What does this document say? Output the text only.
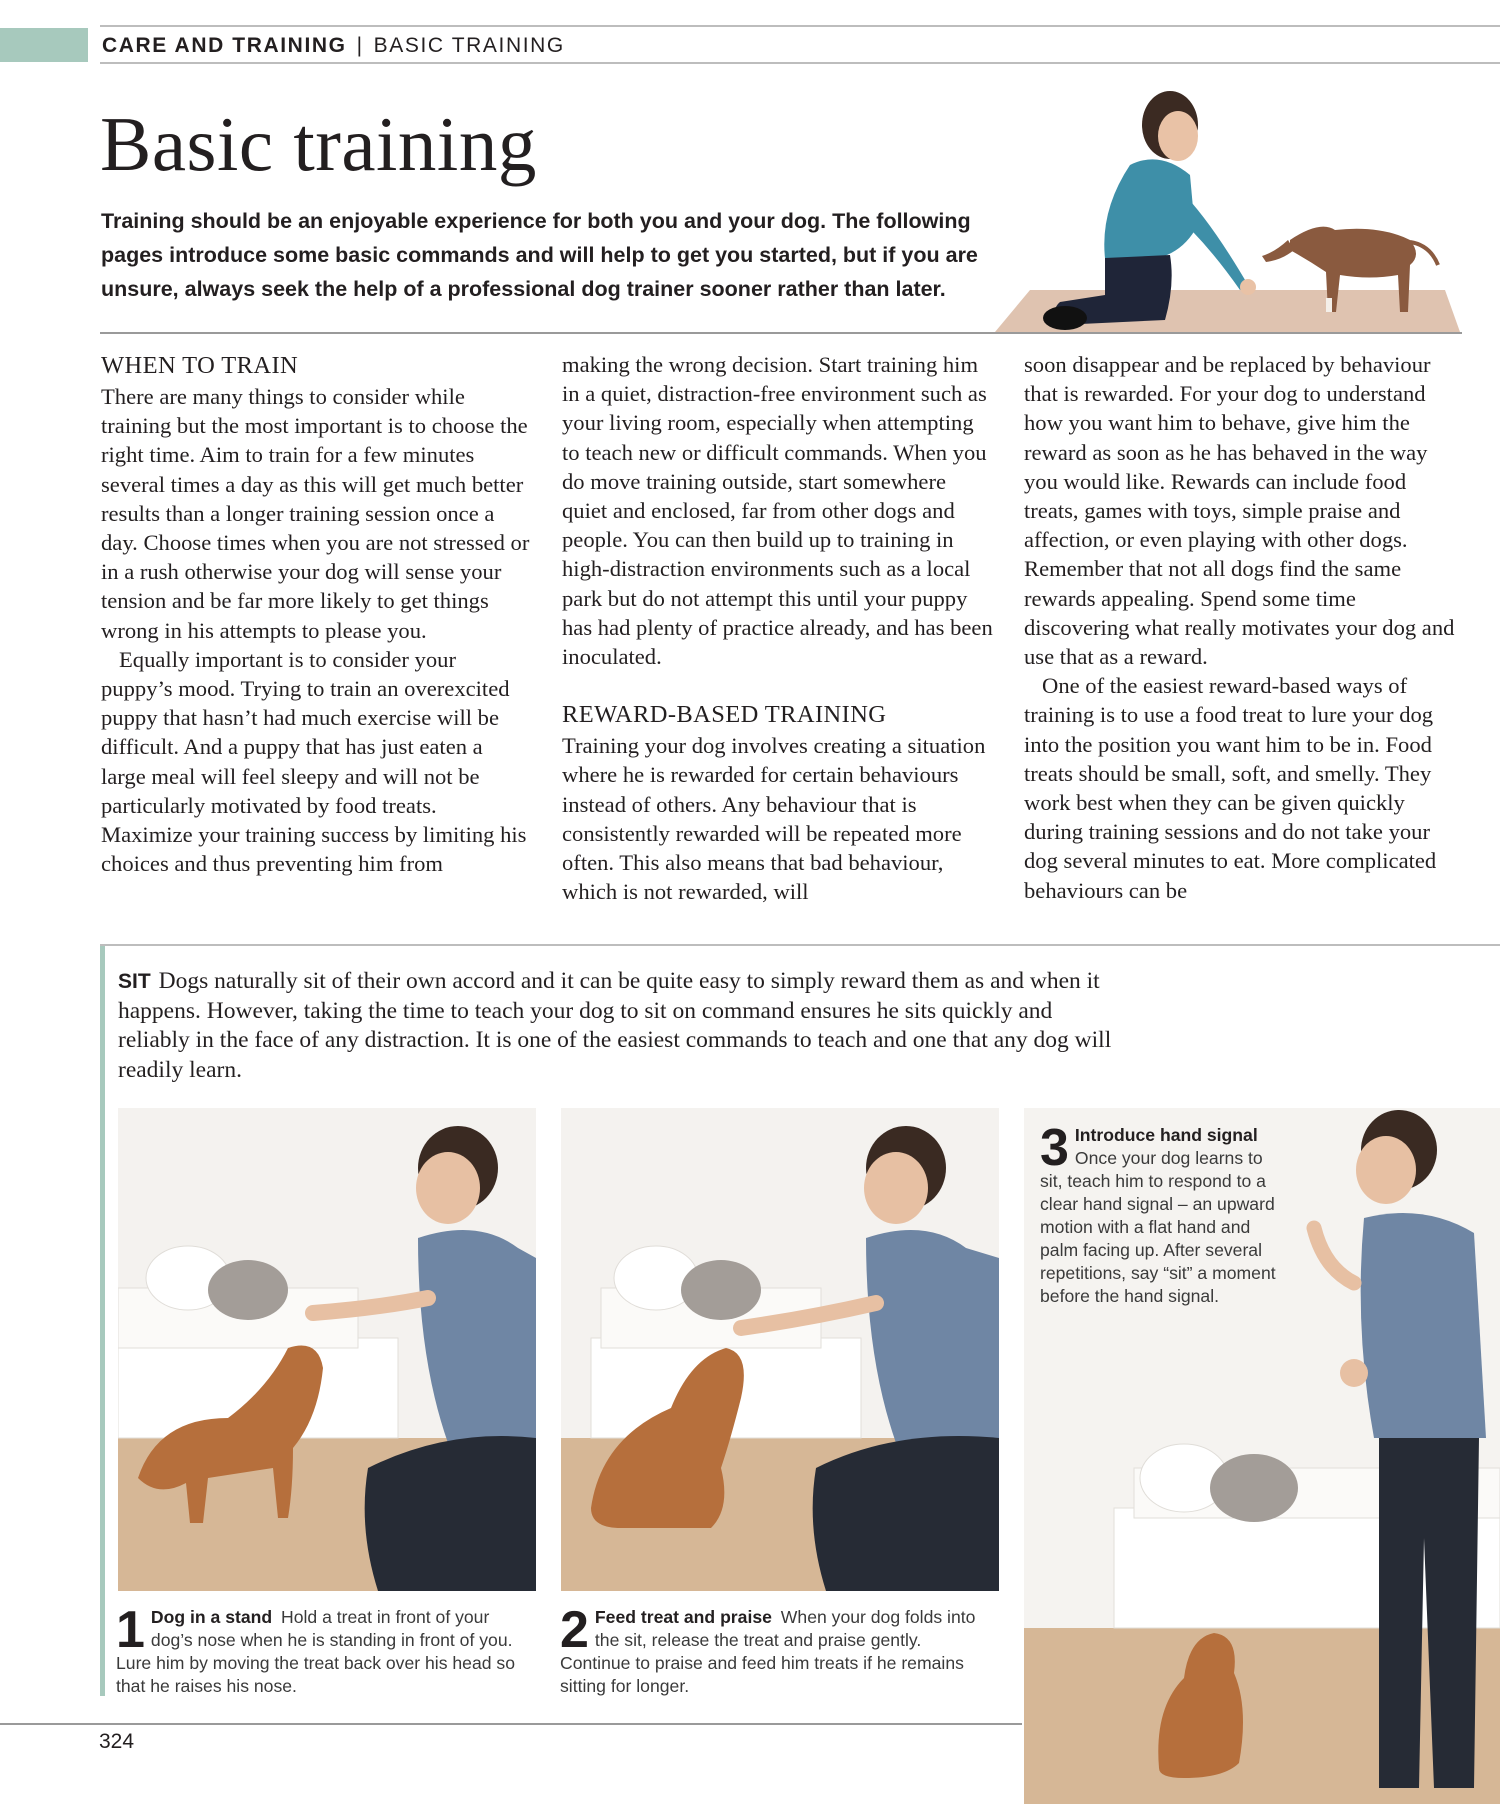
CARE AND TRAINING | BASIC TRAINING
Basic training

Training should be an enjoyable experience for both you and your dog. The following pages introduce some basic commands and will help to get you started, but if you are unsure, always seek the help of a professional dog trainer sooner rather than later.

WHEN TO TRAIN

There are many things to consider while training but the most important is to choose the right time. Aim to train for a few minutes several times a day as this will get much better results than a longer training session once a day. Choose times when you are not stressed or in a rush otherwise your dog will sense your tension and be far more likely to get things wrong in his attempts to please you.

Equally important is to consider your puppy’s mood. Trying to train an overexcited puppy that hasn’t had much exercise will be difficult. And a puppy that has just eaten a large meal will feel sleepy and will not be particularly motivated by food treats. Maximize your training success by limiting his choices and thus preventing him from

making the wrong decision. Start training him in a quiet, distraction-free environment such as your living room, especially when attempting to teach new or difficult commands. When you do move training outside, start somewhere quiet and enclosed, far from other dogs and people. You can then build up to training in high-distraction environments such as a local park but do not attempt this until your puppy has had plenty of practice already, and has been inoculated.

REWARD-BASED TRAINING

Training your dog involves creating a situation where he is rewarded for certain behaviours instead of others. Any behaviour that is consistently rewarded will be repeated more often. This also means that bad behaviour, which is not rewarded, will

soon disappear and be replaced by behaviour that is rewarded. For your dog to understand how you want him to behave, give him the reward as soon as he has behaved in the way you would like. Rewards can include food treats, games with toys, simple praise and affection, or even playing with other dogs. Remember that not all dogs find the same rewards appealing. Spend some time discovering what really motivates your dog and use that as a reward.

One of the easiest reward-based ways of training is to use a food treat to lure your dog into the position you want him to be in. Food treats should be small, soft, and smelly. They work best when they can be given quickly during training sessions and do not take your dog several minutes to eat. More complicated behaviours can be

SIT Dogs naturally sit of their own accord and it can be quite easy to simply reward them as and when it happens. However, taking the time to teach your dog to sit on command ensures he sits quickly and reliably in the face of any distraction. It is one of the easiest commands to teach and one that any dog will readily learn.

1 Dog in a stand Hold a treat in front of your dog’s nose when he is standing in front of you. Lure him by moving the treat back over his head so that he raises his nose.
2 Feed treat and praise When your dog folds into the sit, release the treat and praise gently. Continue to praise and feed him treats if he remains sitting for longer.
3 Introduce hand signal Once your dog learns to sit, teach him to respond to a clear hand signal – an upward motion with a flat hand and palm facing up. After several repetitions, say “sit” a moment before the hand signal.
324
